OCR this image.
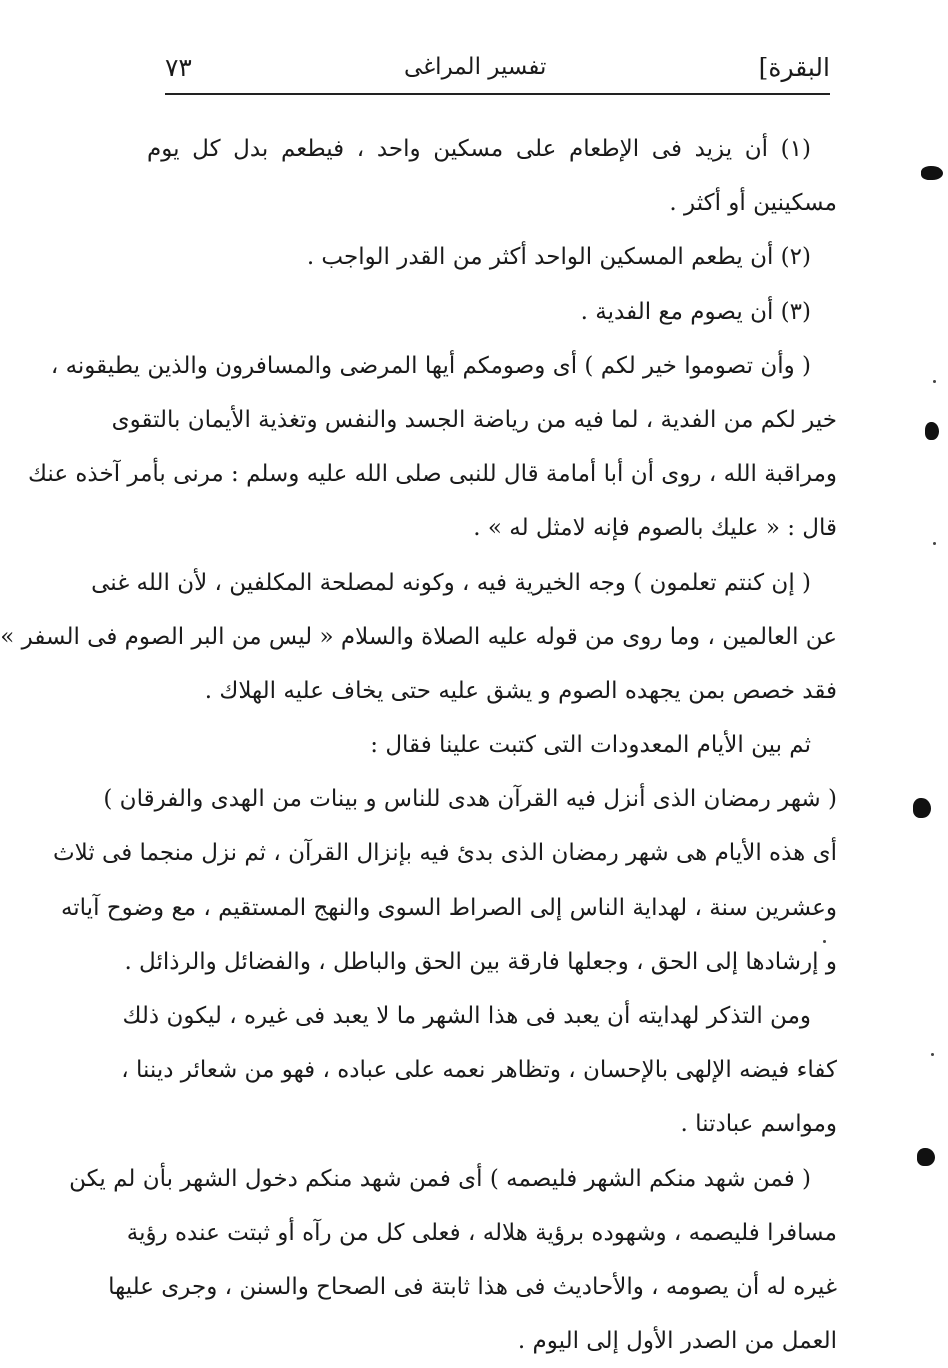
البقرة]
تفسير المراغى
٧٣
(١) أن يزيد فى الإطعام على مسكين واحد ، فيطعم بدل كل يوم
مسكينين أو أكثر .
(٢) أن يطعم المسكين الواحد أكثر من القدر الواجب .
(٣) أن يصوم مع الفدية .
( وأن تصوموا خير لكم ) أى وصومكم أيها المرضى والمسافرون والذين يطيقونه ،
خير لكم من الفدية ، لما فيه من رياضة الجسد والنفس وتغذية الأيمان بالتقوى
ومراقبة الله ، روى أن أبا أمامة قال للنبى صلى الله عليه وسلم : مرنى بأمر آخذه عنك
قال : « عليك بالصوم فإنه لامثل له » .
( إن كنتم تعلمون ) وجه الخيرية فيه ، وكونه لمصلحة المكلفين ، لأن الله غنى
عن العالمين ، وما روى من قوله عليه الصلاة والسلام « ليس من البر الصوم فى السفر »
فقد خصص بمن يجهده الصوم و يشق عليه حتى يخاف عليه الهلاك .
ثم بين الأيام المعدودات التى كتبت علينا فقال :
( شهر رمضان الذى أنزل فيه القرآن هدى للناس و بينات من الهدى والفرقان )
أى هذه الأيام هى شهر رمضان الذى بدئ فيه بإنزال القرآن ، ثم نزل منجما فى ثلاث
وعشرين سنة ، لهداية الناس إلى الصراط السوى والنهج المستقيم ، مع وضوح آياته
و إرشادها إلى الحق ، وجعلها فارقة بين الحق والباطل ، والفضائل والرذائل .
ومن التذكر لهدايته أن يعبد فى هذا الشهر ما لا يعبد فى غيره ، ليكون ذلك
كفاء فيضه الإلهى بالإحسان ، وتظاهر نعمه على عباده ، فهو من شعائر ديننا ،
ومواسم عبادتنا .
( فمن شهد منكم الشهر فليصمه ) أى فمن شهد منكم دخول الشهر بأن لم يكن
مسافرا فليصمه ، وشهوده برؤية هلاله ، فعلى كل من رآه أو ثبتت عنده رؤية
غيره له أن يصومه ، والأحاديث فى هذا ثابتة فى الصحاح والسنن ، وجرى عليها
العمل من الصدر الأول إلى اليوم .
